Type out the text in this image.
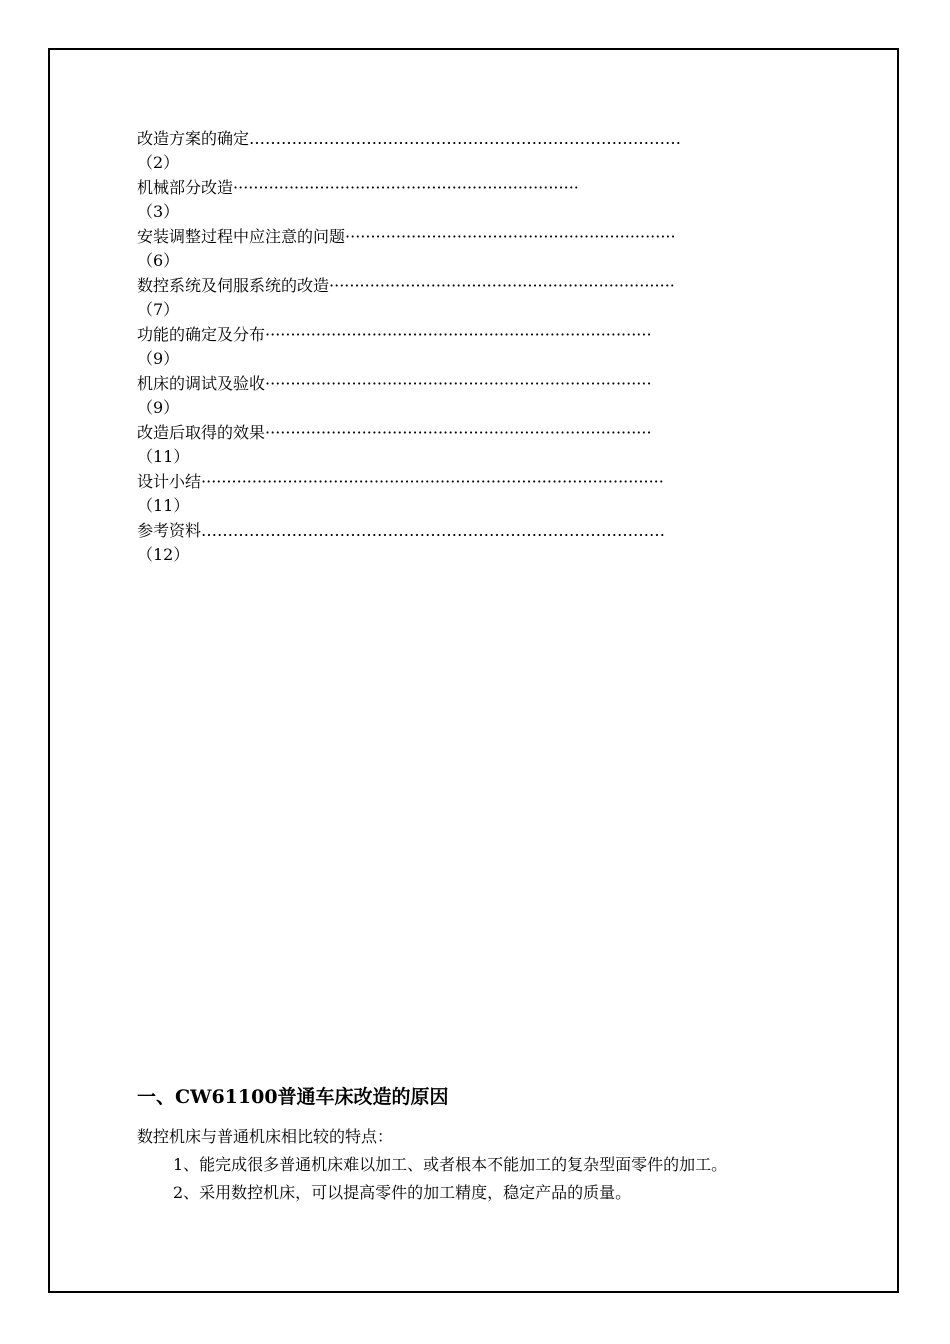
改造方案的确定………………………………………………………………………
（2）
机械部分改造····································································
（3）
安装调整过程中应注意的问题·································································
（6）
数控系统及伺服系统的改造····································································
（7）
功能的确定及分布············································································
（9）
机床的调试及验收············································································
（9）
改造后取得的效果············································································
（11）
设计小结···························································································
（11）
参考资料……………………………………………………………………………
（12）
一、CW61100普通车床改造的原因

数控机床与普通机床相比较的特点：

1、能完成很多普通机床难以加工、或者根本不能加工的复杂型面零件的加工。

2、采用数控机床，可以提高零件的加工精度，稳定产品的质量。
